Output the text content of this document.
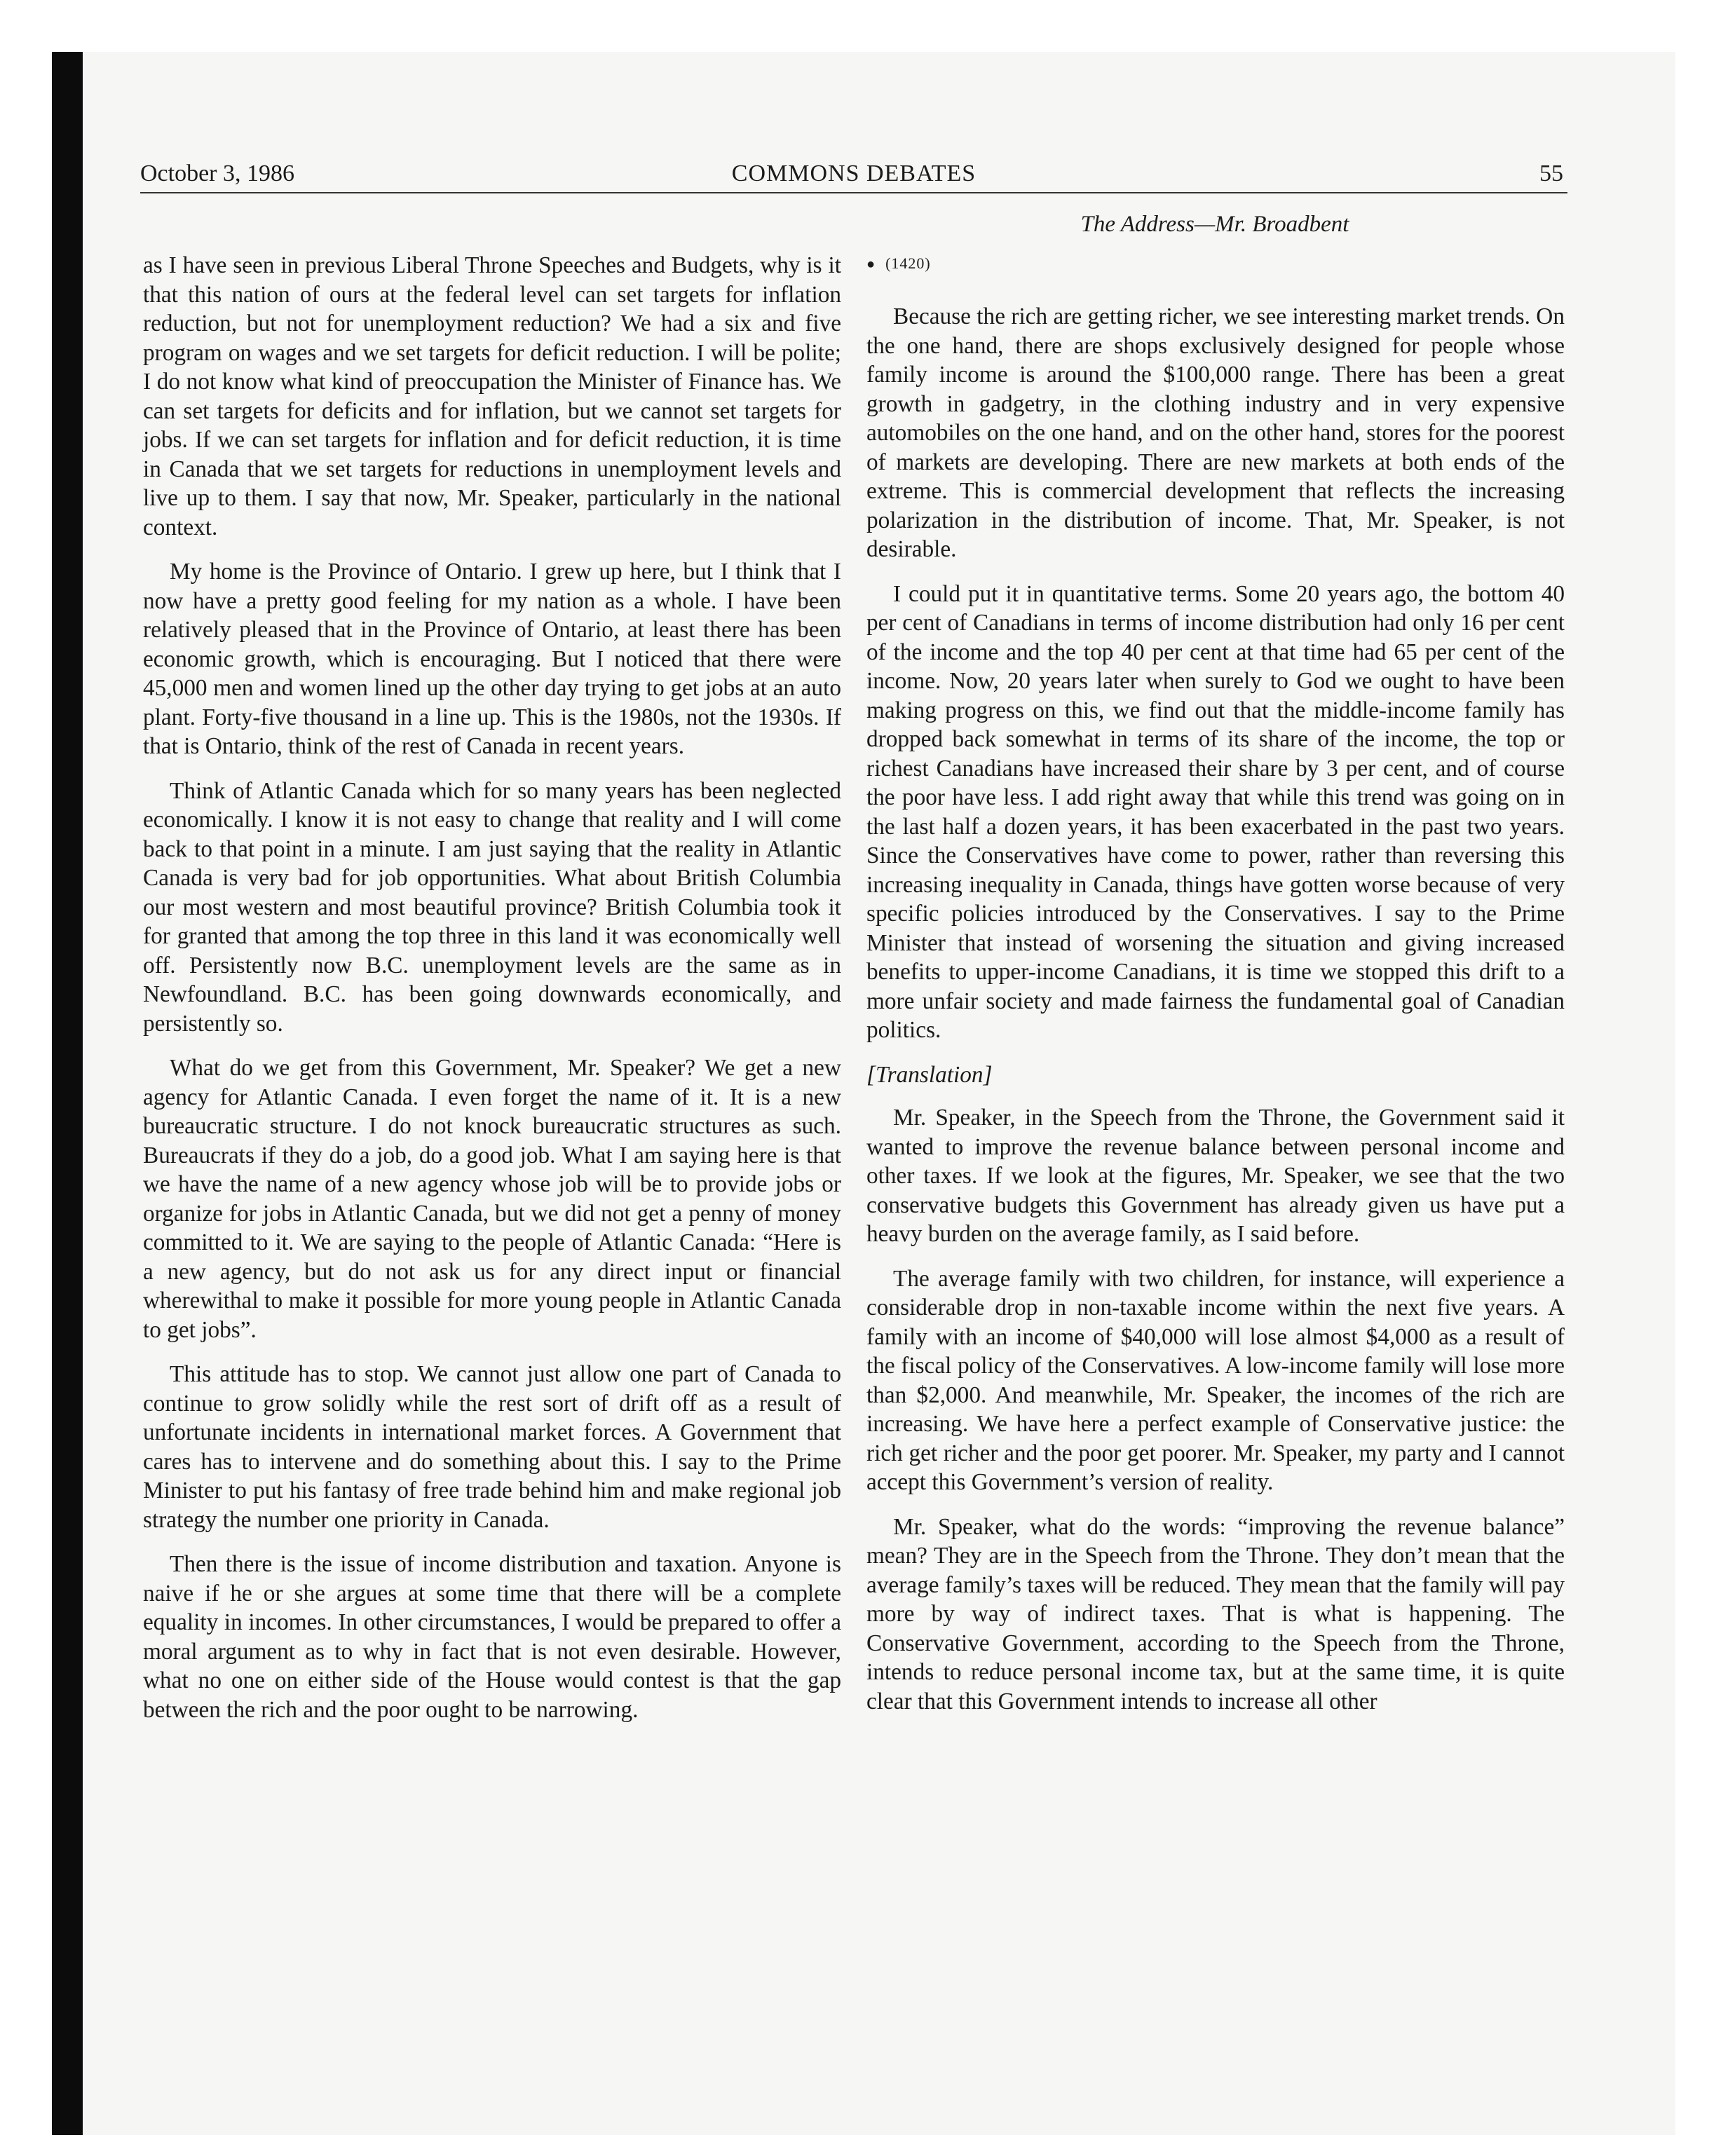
October 3, 1986	COMMONS DEBATES	55
The Address—Mr. Broadbent

as I have seen in previous Liberal Throne Speeches and Budgets, why is it that this nation of ours at the federal level can set targets for inflation reduction, but not for unemployment reduction? We had a six and five program on wages and we set targets for deficit reduction. I will be polite; I do not know what kind of preoccupation the Minister of Finance has. We can set targets for deficits and for inflation, but we cannot set targets for jobs. If we can set targets for inflation and for deficit reduction, it is time in Canada that we set targets for reductions in unemployment levels and live up to them. I say that now, Mr. Speaker, particularly in the national context.

My home is the Province of Ontario. I grew up here, but I think that I now have a pretty good feeling for my nation as a whole. I have been relatively pleased that in the Province of Ontario, at least there has been economic growth, which is encouraging. But I noticed that there were 45,000 men and women lined up the other day trying to get jobs at an auto plant. Forty-five thousand in a line up. This is the 1980s, not the 1930s. If that is Ontario, think of the rest of Canada in recent years.

Think of Atlantic Canada which for so many years has been neglected economically. I know it is not easy to change that reality and I will come back to that point in a minute. I am just saying that the reality in Atlantic Canada is very bad for job opportunities. What about British Columbia our most western and most beautiful province? British Columbia took it for granted that among the top three in this land it was economically well off. Persistently now B.C. unemployment levels are the same as in Newfoundland. B.C. has been going downwards economically, and persistently so.

What do we get from this Government, Mr. Speaker? We get a new agency for Atlantic Canada. I even forget the name of it. It is a new bureaucratic structure. I do not knock bureaucratic structures as such. Bureaucrats if they do a job, do a good job. What I am saying here is that we have the name of a new agency whose job will be to provide jobs or organize for jobs in Atlantic Canada, but we did not get a penny of money committed to it. We are saying to the people of Atlantic Canada: “Here is a new agency, but do not ask us for any direct input or financial wherewithal to make it possible for more young people in Atlantic Canada to get jobs”.

This attitude has to stop. We cannot just allow one part of Canada to continue to grow solidly while the rest sort of drift off as a result of unfortunate incidents in international market forces. A Government that cares has to intervene and do something about this. I say to the Prime Minister to put his fantasy of free trade behind him and make regional job strategy the number one priority in Canada.

Then there is the issue of income distribution and taxation. Anyone is naive if he or she argues at some time that there will be a complete equality in incomes. In other circumstances, I would be prepared to offer a moral argument as to why in fact that is not even desirable. However, what no one on either side of the House would contest is that the gap between the rich and the poor ought to be narrowing.

● (1420)

Because the rich are getting richer, we see interesting market trends. On the one hand, there are shops exclusively designed for people whose family income is around the $100,000 range. There has been a great growth in gadgetry, in the clothing industry and in very expensive automobiles on the one hand, and on the other hand, stores for the poorest of markets are developing. There are new markets at both ends of the extreme. This is commercial development that reflects the increasing polarization in the distribution of income. That, Mr. Speaker, is not desirable.

I could put it in quantitative terms. Some 20 years ago, the bottom 40 per cent of Canadians in terms of income distribution had only 16 per cent of the income and the top 40 per cent at that time had 65 per cent of the income. Now, 20 years later when surely to God we ought to have been making progress on this, we find out that the middle-income family has dropped back somewhat in terms of its share of the income, the top or richest Canadians have increased their share by 3 per cent, and of course the poor have less. I add right away that while this trend was going on in the last half a dozen years, it has been exacerbated in the past two years. Since the Conservatives have come to power, rather than reversing this increasing inequality in Canada, things have gotten worse because of very specific policies introduced by the Conservatives. I say to the Prime Minister that instead of worsening the situation and giving increased benefits to upper-income Canadians, it is time we stopped this drift to a more unfair society and made fairness the fundamental goal of Canadian politics.

[Translation]

Mr. Speaker, in the Speech from the Throne, the Government said it wanted to improve the revenue balance between personal income and other taxes. If we look at the figures, Mr. Speaker, we see that the two conservative budgets this Government has already given us have put a heavy burden on the average family, as I said before.

The average family with two children, for instance, will experience a considerable drop in non-taxable income within the next five years. A family with an income of $40,000 will lose almost $4,000 as a result of the fiscal policy of the Conservatives. A low-income family will lose more than $2,000. And meanwhile, Mr. Speaker, the incomes of the rich are increasing. We have here a perfect example of Conservative justice: the rich get richer and the poor get poorer. Mr. Speaker, my party and I cannot accept this Government’s version of reality.

Mr. Speaker, what do the words: “improving the revenue balance” mean? They are in the Speech from the Throne. They don’t mean that the average family’s taxes will be reduced. They mean that the family will pay more by way of indirect taxes. That is what is happening. The Conservative Government, according to the Speech from the Throne, intends to reduce personal income tax, but at the same time, it is quite clear that this Government intends to increase all other
